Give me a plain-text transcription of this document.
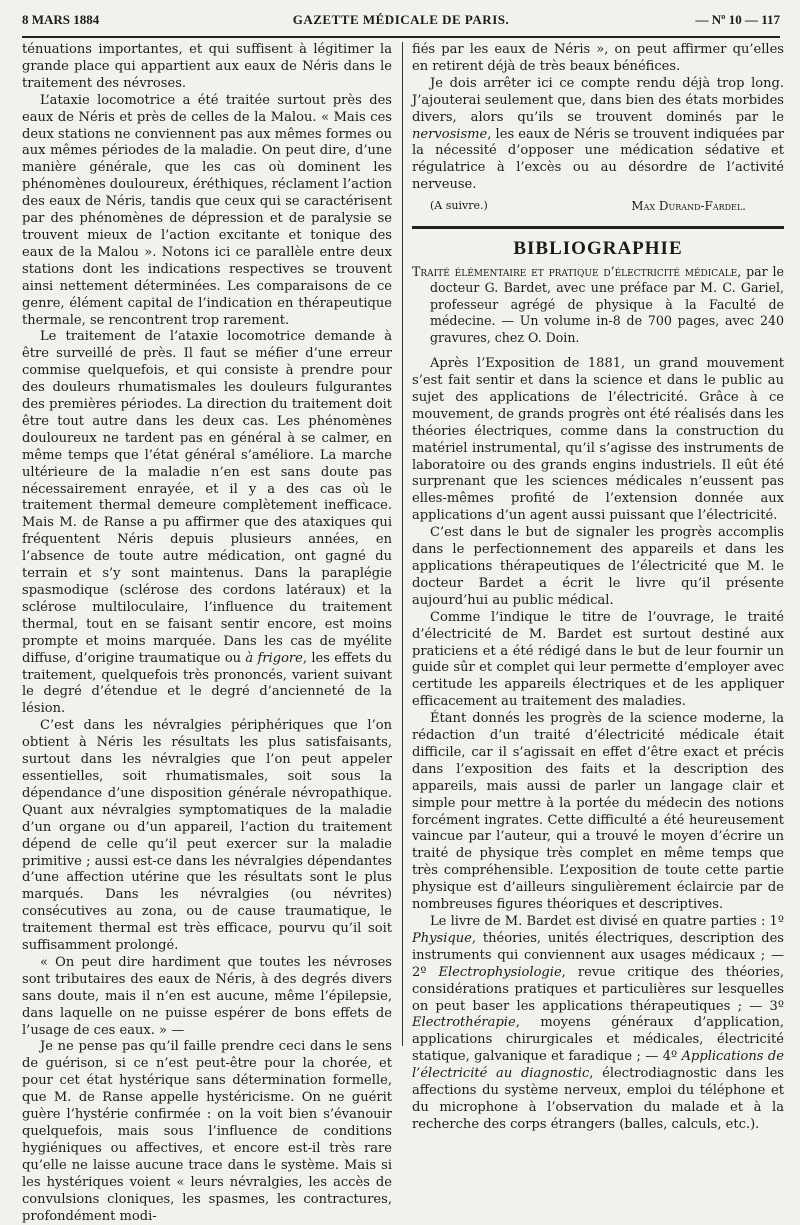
8 MARS 1884	GAZETTE MÉDICALE DE PARIS.	— Nº 10 — 117

ténuations importantes, et qui suffisent à légitimer la grande place qui appartient aux eaux de Néris dans le traitement des névroses.

L’ataxie locomotrice a été traitée surtout près des eaux de Néris et près de celles de la Malou. « Mais ces deux stations ne conviennent pas aux mêmes formes ou aux mêmes périodes de la maladie. On peut dire, d’une manière générale, que les cas où dominent les phénomènes douloureux, éréthiques, réclament l’action des eaux de Néris, tandis que ceux qui se caractérisent par des phénomènes de dépression et de paralysie se trouvent mieux de l’action excitante et tonique des eaux de la Malou ». Notons ici ce parallèle entre deux stations dont les indications respectives se trouvent ainsi nettement déterminées. Les comparaisons de ce genre, élément capital de l’indication en thérapeutique thermale, se rencontrent trop rarement.

Le traitement de l’ataxie locomotrice demande à être surveillé de près. Il faut se méfier d’une erreur commise quelquefois, et qui consiste à prendre pour des douleurs rhumatismales les douleurs fulgurantes des premières périodes. La direction du traitement doit être tout autre dans les deux cas. Les phénomènes douloureux ne tardent pas en général à se calmer, en même temps que l’état général s’améliore. La marche ultérieure de la maladie n’en est sans doute pas nécessairement enrayée, et il y a des cas où le traitement thermal demeure complètement inefficace. Mais M. de Ranse a pu affirmer que des ataxiques qui fréquentent Néris depuis plusieurs années, en l’absence de toute autre médication, ont gagné du terrain et s’y sont maintenus. Dans la paraplégie spasmodique (sclérose des cordons latéraux) et la sclérose multiloculaire, l’influence du traitement thermal, tout en se faisant sentir encore, est moins prompte et moins marquée. Dans les cas de myélite diffuse, d’origine traumatique ou à frigore, les effets du traitement, quelquefois très prononcés, varient suivant le degré d’étendue et le degré d’ancienneté de la lésion.

C’est dans les névralgies périphériques que l’on obtient à Néris les résultats les plus satisfaisants, surtout dans les névralgies que l’on peut appeler essentielles, soit rhumatismales, soit sous la dépendance d’une disposition générale névropathique. Quant aux névralgies symptomatiques de la maladie d’un organe ou d’un appareil, l’action du traitement dépend de celle qu’il peut exercer sur la maladie primitive ; aussi est-ce dans les névralgies dépendantes d’une affection utérine que les résultats sont le plus marqués. Dans les névralgies (ou névrites) consécutives au zona, ou de cause traumatique, le traitement thermal est très efficace, pourvu qu’il soit suffisamment prolongé.

« On peut dire hardiment que toutes les névroses sont tributaires des eaux de Néris, à des degrés divers sans doute, mais il n’en est aucune, même l’épilepsie, dans laquelle on ne puisse espérer de bons effets de l’usage de ces eaux. » —

Je ne pense pas qu’il faille prendre ceci dans le sens de guérison, si ce n’est peut-être pour la chorée, et pour cet état hystérique sans détermination formelle, que M. de Ranse appelle hystéricisme. On ne guérit guère l’hystérie confirmée : on la voit bien s’évanouir quelquefois, mais sous l’influence de conditions hygiéniques ou affectives, et encore est-il très rare qu’elle ne laisse aucune trace dans le système. Mais si les hystériques voient « leurs névralgies, les accès de convulsions cloniques, les spasmes, les contractures, profondément modi-

fiés par les eaux de Néris », on peut affirmer qu’elles en retirent déjà de très beaux bénéfices.

Je dois arrêter ici ce compte rendu déjà trop long. J’ajouterai seulement que, dans bien des états morbides divers, alors qu’ils se trouvent dominés par le nervosisme, les eaux de Néris se trouvent indiquées par la nécessité d’opposer une médication sédative et régulatrice à l’excès ou au désordre de l’activité nerveuse.

(A suivre.)	Max Durand-Fardel.
BIBLIOGRAPHIE
Traité élémentaire et pratique d’électricité médicale, par le docteur G. Bardet, avec une préface par M. C. Gariel, professeur agrégé de physique à la Faculté de médecine. — Un volume in-8 de 700 pages, avec 240 gravures, chez O. Doin.

Après l’Exposition de 1881, un grand mouvement s’est fait sentir et dans la science et dans le public au sujet des applications de l’électricité. Grâce à ce mouvement, de grands progrès ont été réalisés dans les théories électriques, comme dans la construction du matériel instrumental, qu’il s’agisse des instruments de laboratoire ou des grands engins industriels. Il eût été surprenant que les sciences médicales n’eussent pas elles-mêmes profité de l’extension donnée aux applications d’un agent aussi puissant que l’électricité.

C’est dans le but de signaler les progrès accomplis dans le perfectionnement des appareils et dans les applications thérapeutiques de l’électricité que M. le docteur Bardet a écrit le livre qu’il présente aujourd’hui au public médical.

Comme l’indique le titre de l’ouvrage, le traité d’électricité de M. Bardet est surtout destiné aux praticiens et a été rédigé dans le but de leur fournir un guide sûr et complet qui leur permette d’employer avec certitude les appareils électriques et de les appliquer efficacement au traitement des maladies.

Étant donnés les progrès de la science moderne, la rédaction d’un traité d’électricité médicale était difficile, car il s’agissait en effet d’être exact et précis dans l’exposition des faits et la description des appareils, mais aussi de parler un langage clair et simple pour mettre à la portée du médecin des notions forcément ingrates. Cette difficulté a été heureusement vaincue par l’auteur, qui a trouvé le moyen d’écrire un traité de physique très complet en même temps que très compréhensible. L’exposition de toute cette partie physique est d’ailleurs singulièrement éclaircie par de nombreuses figures théoriques et descriptives.

Le livre de M. Bardet est divisé en quatre parties : 1º Physique, théories, unités électriques, description des instruments qui conviennent aux usages médicaux ; — 2º Electrophysiologie, revue critique des théories, considérations pratiques et particulières sur lesquelles on peut baser les applications thérapeutiques ; — 3º Electrothérapie, moyens généraux d’application, applications chirurgicales et médicales, électricité statique, galvanique et faradique ; — 4º Applications de l’électricité au diagnostic, électrodiagnostic dans les affections du système nerveux, emploi du téléphone et du microphone à l’observation du malade et à la recherche des corps étrangers (balles, calculs, etc.).
